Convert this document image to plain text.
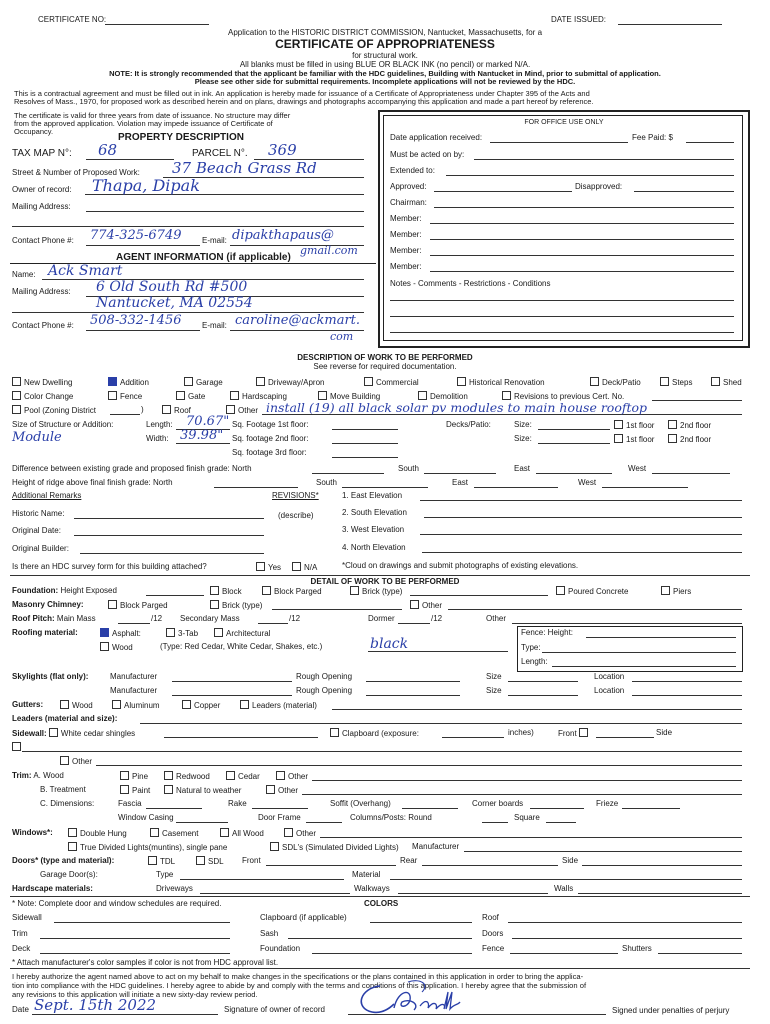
CERTIFICATE NO:	DATE ISSUED:
Application to the HISTORIC DISTRICT COMMISSION, Nantucket, Massachusetts, for a
CERTIFICATE OF APPROPRIATENESS
for structural work.
All blanks must be filled in using BLUE OR BLACK INK (no pencil) or marked N/A.
NOTE: It is strongly recommended that the applicant be familiar with the HDC guidelines, Building with Nantucket in Mind, prior to submittal of application.
Please see other side for submittal requirements. Incomplete applications will not be reviewed by the HDC.
This is a contractual agreement and must be filled out in ink. An application is hereby made for issuance of a Certificate of Appropriateness under Chapter 395 of the Acts and
Resolves of Mass., 1970, for proposed work as described herein and on plans, drawings and photographs accompanying this application and made a part hereof by reference.
The certificate is valid for three years from date of issuance. No structure may differ
from the approved application. Violation may impede issuance of Certificate of
Occupancy.
PROPERTY DESCRIPTION
TAX MAP N°: 68	PARCEL N°. 369
Street & Number of Proposed Work: 37 Beach Grass Rd
Owner of record: Thapa, Dipak
Mailing Address:
Contact Phone #: 774-325-6749	E-mail: dipakthapaus@
gmail.com
AGENT INFORMATION (if applicable)
Name: Ack Smart
Mailing Address: 6 Old South Rd #500
Nantucket, MA 02554
Contact Phone #: 508-332-1456	E-mail: caroline@ackmart.
com
FOR OFFICE USE ONLY
Date application received:	Fee Paid: $
Must be acted on by:
Extended to:
Approved:	Disapproved:
Chairman:
Member:
Member:
Member:
Member:
Notes - Comments - Restrictions - Conditions
DESCRIPTION OF WORK TO BE PERFORMED
See reverse for required documentation.
New Dwelling	Addition	Garage	Driveway/Apron	Commercial	Historical Renovation	Deck/Patio	Steps	Shed
Color Change	Fence	Gate	Hardscaping	Move Building	Demolition	Revisions to previous Cert. No.
Pool (Zoning District	)	Roof	Other install (19) all black solar pv modules to main house rooftop
Size of Structure or Addition:	Length: 70.67" Sq. Footage 1st floor:	Decks/Patio:	Size:	1st floor	2nd floor
Module	Width: 39.98" Sq. footage 2nd floor:	Size:	1st floor	2nd floor
Sq. footage 3rd floor:
Difference between existing grade and proposed finish grade: North	South	East	West
Height of ridge above final finish grade: North	South	East	West
Additional Remarks	REVISIONS*
(describe)
1. East Elevation
2. South Elevation
3. West Elevation
4. North Elevation
Historic Name:
Original Date:
Original Builder:
Is there an HDC survey form for this building attached?	Yes	N/A	*Cloud on drawings and submit photographs of existing elevations.
DETAIL OF WORK TO BE PERFORMED
Foundation: Height Exposed	Block	Block Parged	Brick (type)	Poured Concrete	Piers
Masonry Chimney:	Block Parged	Brick (type)	Other
Roof Pitch: Main Mass	/12 Secondary Mass	/12	Dormer	/12	Other
Roofing material:	Asphalt:	3-Tab	Architectural
Wood	(Type: Red Cedar, White Cedar, Shakes, etc.)	black
Fence: Height:
Type:
Length:
Skylights (flat only):	Manufacturer	Rough Opening	Size	Location
Manufacturer	Rough Opening	Size	Location
Gutters:	Wood	Aluminum	Copper	Leaders (material)
Leaders (material and size):
Sidewall: White cedar shingles	Clapboard (exposure:	inches)	Front	Side
Other
Trim: A. Wood	Pine	Redwood	Cedar	Other
B. Treatment	Paint	Natural to weather	Other
C. Dimensions:	Fascia	Rake	Soffit (Overhang)	Corner boards	Frieze
Window Casing	Door Frame	Columns/Posts: Round	Square
Windows*:	Double Hung	Casement	All Wood	Other
True Divided Lights(muntins), single pane	SDL's (Simulated Divided Lights) Manufacturer
Doors* (type and material):	TDL	SDL Front	Rear	Side
Garage Door(s):	Type	Material
Hardscape materials:	Driveways	Walkways	Walls
* Note: Complete door and window schedules are required.	COLORS
Sidewall	Clapboard (if applicable)	Roof
Trim	Sash	Doors
Deck	Foundation	Fence	Shutters
* Attach manufacturer's color samples if color is not from HDC approval list.
I hereby authorize the agent named above to act on my behalf to make changes in the specifications or the plans contained in this application in order to bring the applica-
tion into compliance with the HDC guidelines. I hereby agree to abide by and comply with the terms and conditions of this application. I hereby agree that the submission of
any revisions to this application will initiate a new sixty-day review period.
Date Sept. 15th 2022	Signature of owner of record	Signed under penalties of perjury
